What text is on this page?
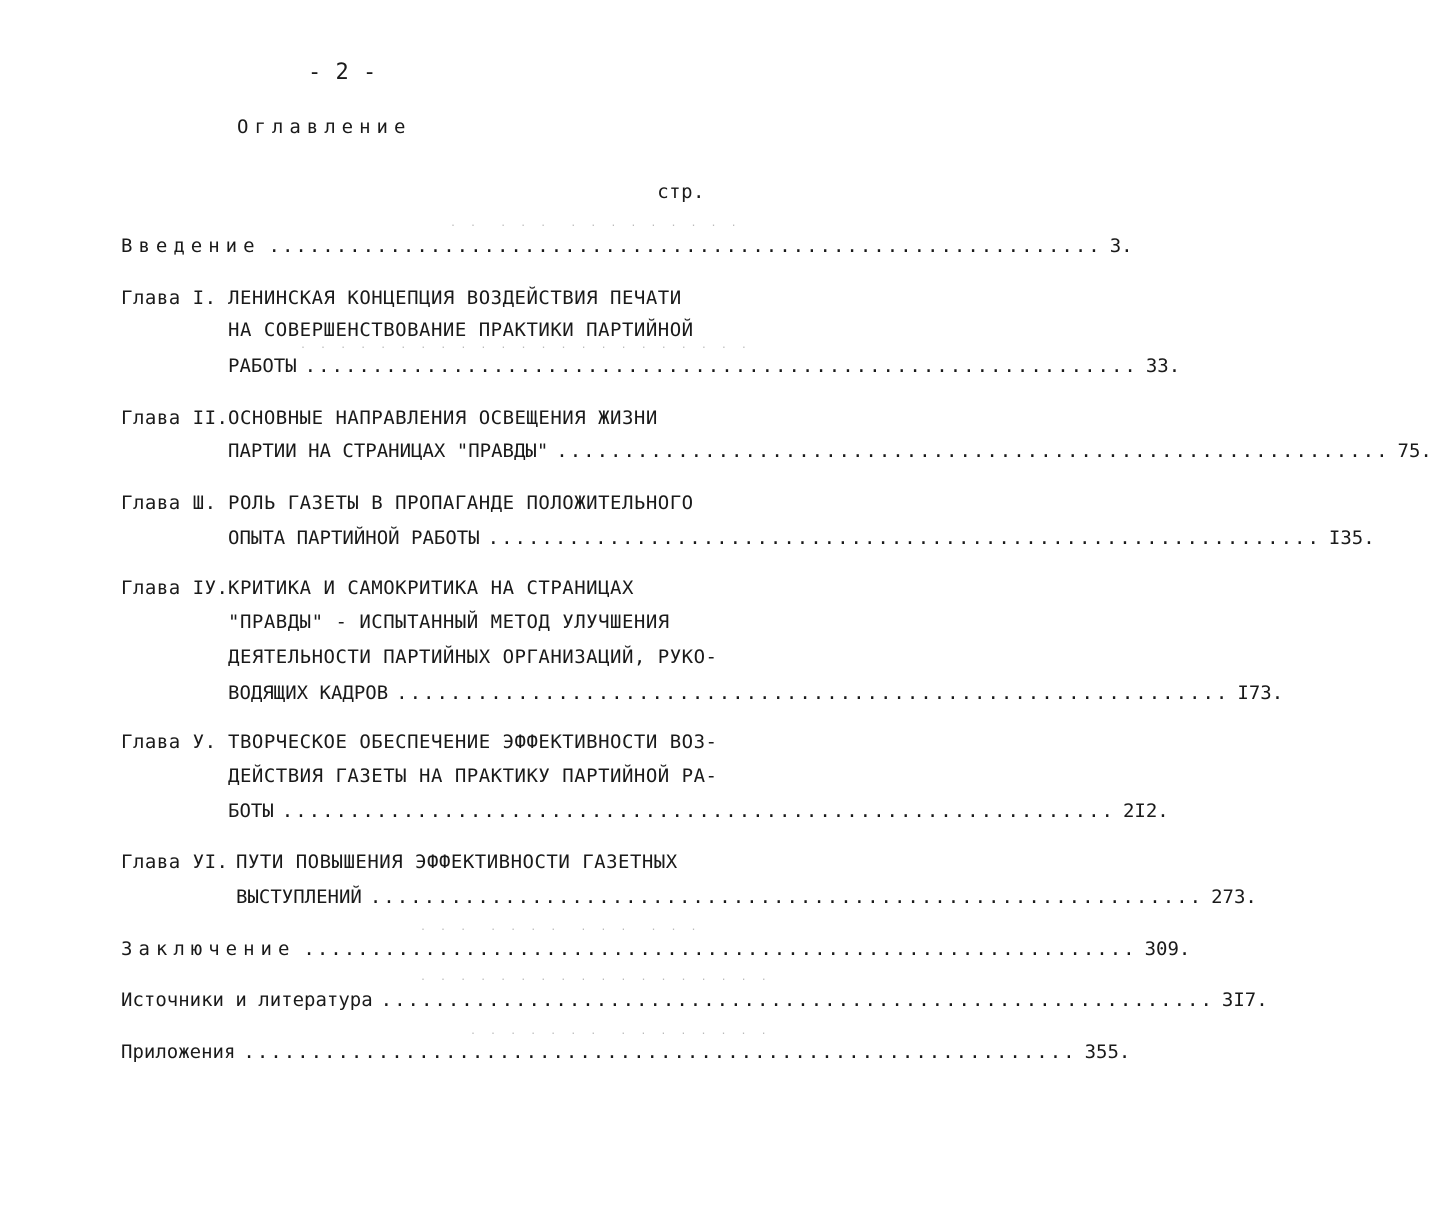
- 2 -
Оглавление
стр.
. .  . . .  . . . . . . . . .
. . . . . . . . . . . . . . . . . . . . . . .
. . .  . . . .  . . .  . . .
. . . . . . . . . . . . . . . . . .
. . . . . . .  . . . . . . . .
Введение .............................................................. 3.
Глава I. ЛЕНИНСКАЯ КОНЦЕПЦИЯ ВОЗДЕЙСТВИЯ ПЕЧАТИ
НА СОВЕРШЕНСТВОВАНИЕ ПРАКТИКИ ПАРТИЙНОЙ
РАБОТЫ .............................................................. 33.
Глава II. ОСНОВНЫЕ НАПРАВЛЕНИЯ ОСВЕЩЕНИЯ ЖИЗНИ
ПАРТИИ НА СТРАНИЦАХ "ПРАВДЫ" .............................................................. 75.
Глава Ш. РОЛЬ ГАЗЕТЫ В ПРОПАГАНДЕ ПОЛОЖИТЕЛЬНОГО
ОПЫТА ПАРТИЙНОЙ РАБОТЫ .............................................................. I35.
Глава IУ. КРИТИКА И САМОКРИТИКА НА СТРАНИЦАХ
"ПРАВДЫ" - ИСПЫТАННЫЙ МЕТОД УЛУЧШЕНИЯ
ДЕЯТЕЛЬНОСТИ ПАРТИЙНЫХ ОРГАНИЗАЦИЙ, РУКО-
ВОДЯЩИХ КАДРОВ .............................................................. I73.
Глава У. ТВОРЧЕСКОЕ ОБЕСПЕЧЕНИЕ ЭФФЕКТИВНОСТИ ВОЗ-
ДЕЙСТВИЯ ГАЗЕТЫ НА ПРАКТИКУ ПАРТИЙНОЙ РА-
БОТЫ .............................................................. 2I2.
Глава УI. ПУТИ ПОВЫШЕНИЯ ЭФФЕКТИВНОСТИ ГАЗЕТНЫХ
ВЫСТУПЛЕНИЙ .............................................................. 273.
Заключение .............................................................. 309.
Источники и литература .............................................................. 3I7.
Приложения .............................................................. 355.
